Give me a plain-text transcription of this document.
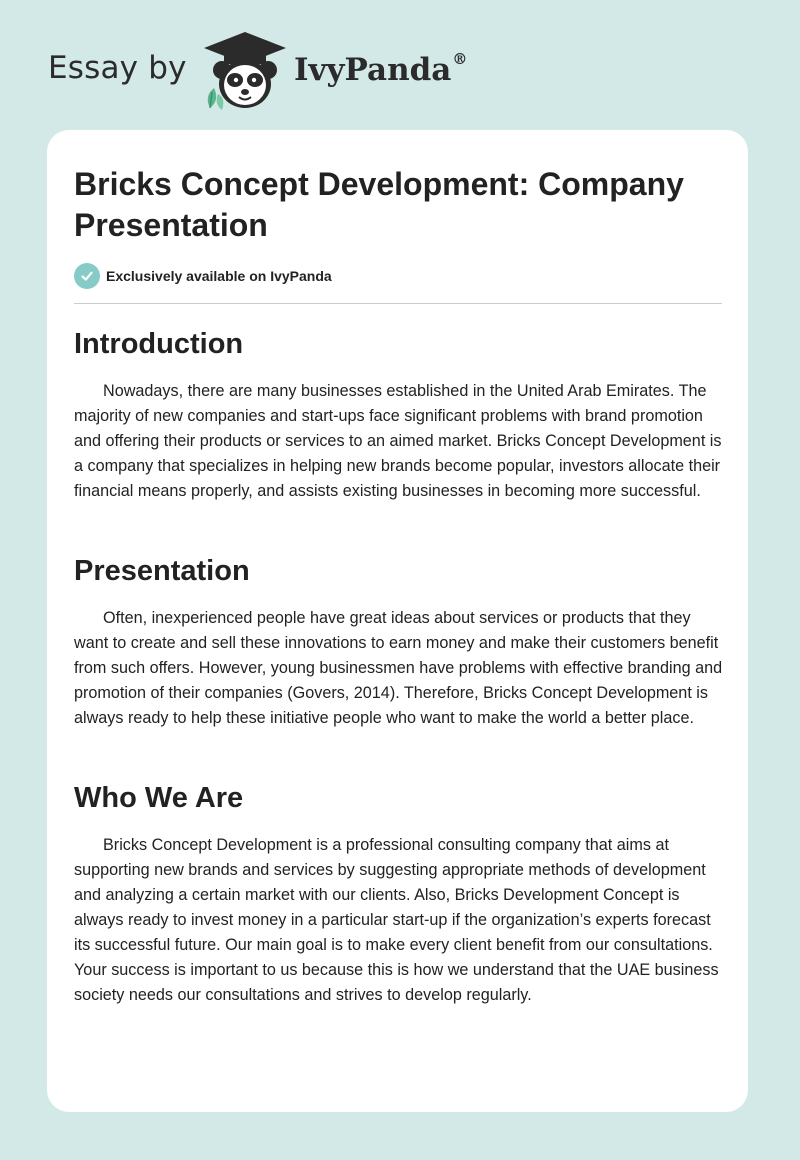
Essay by	IvyPanda®
Bricks Concept Development: Company Presentation
Exclusively available on IvyPanda
Introduction

Nowadays, there are many businesses established in the United Arab Emirates. The majority of new companies and start-ups face significant problems with brand promotion and offering their products or services to an aimed market. Bricks Concept Development is a company that specializes in helping new brands become popular, investors allocate their financial means properly, and assists existing businesses in becoming more successful.

Presentation

Often, inexperienced people have great ideas about services or products that they want to create and sell these innovations to earn money and make their customers benefit from such offers. However, young businessmen have problems with effective branding and promotion of their companies (Govers, 2014). Therefore, Bricks Concept Development is always ready to help these initiative people who want to make the world a better place.

Who We Are

Bricks Concept Development is a professional consulting company that aims at supporting new brands and services by suggesting appropriate methods of development and analyzing a certain market with our clients. Also, Bricks Development Concept is always ready to invest money in a particular start-up if the organization’s experts forecast its successful future. Our main goal is to make every client benefit from our consultations. Your success is important to us because this is how we understand that the UAE business society needs our consultations and strives to develop regularly.
